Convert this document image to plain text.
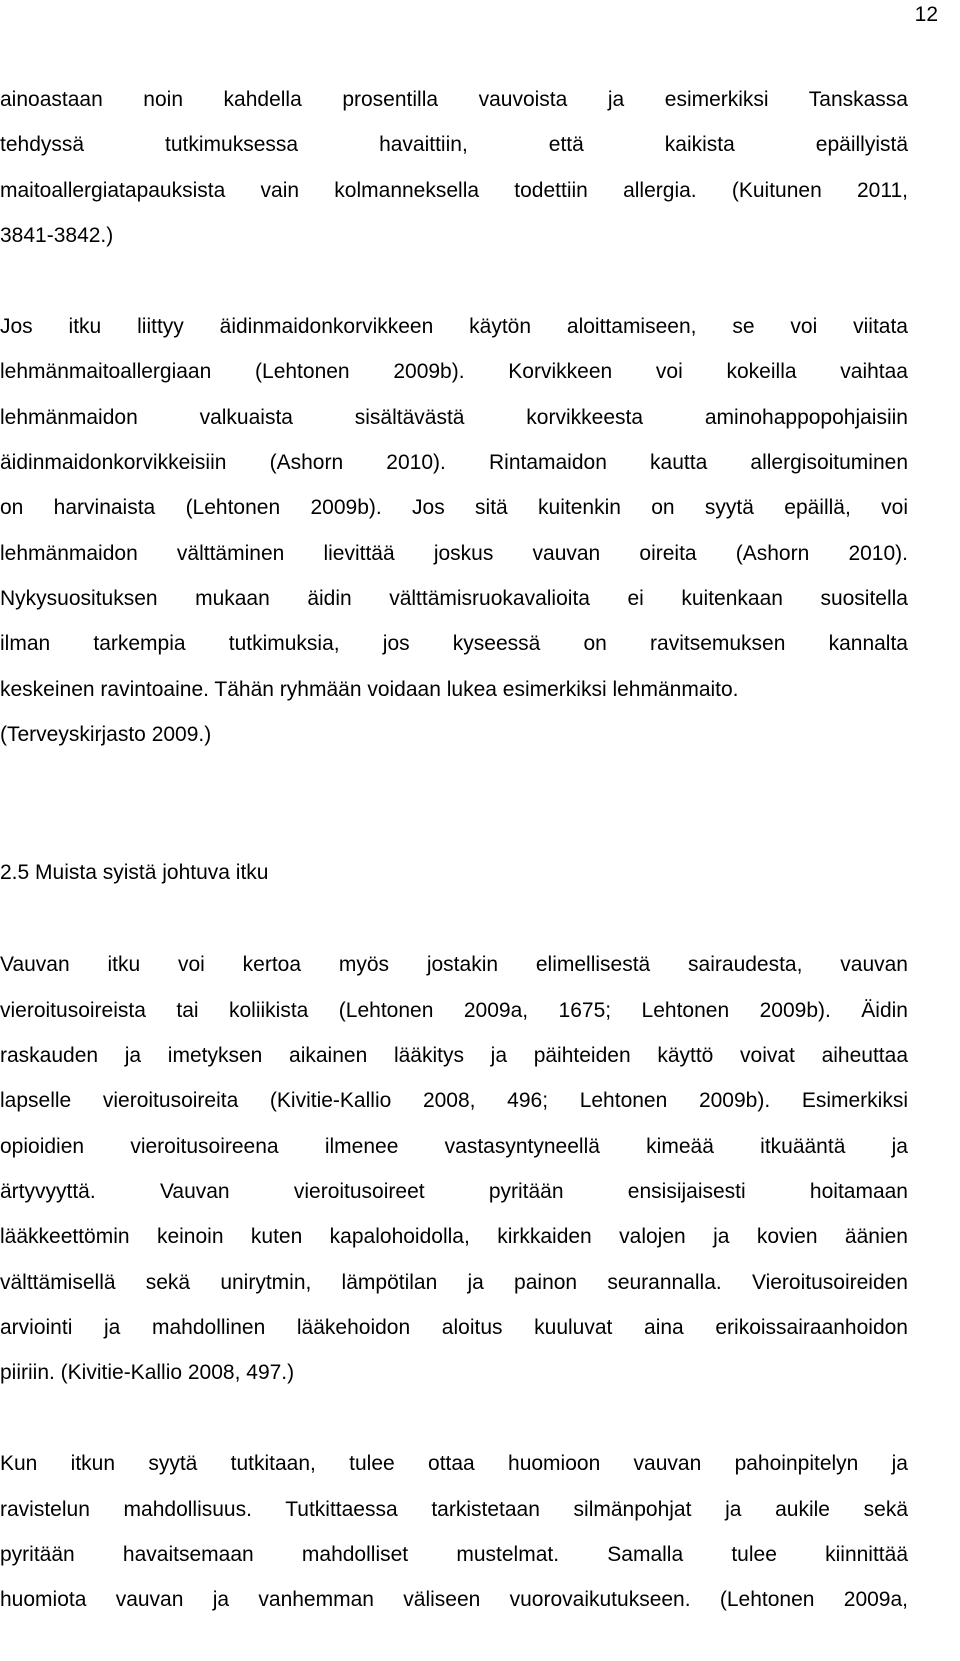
12
ainoastaan noin kahdella prosentilla vauvoista ja esimerkiksi Tanskassa
tehdyssä tutkimuksessa havaittiin, että kaikista epäillyistä
maitoallergiatapauksista vain kolmanneksella todettiin allergia. (Kuitunen 2011,
3841-3842.)
Jos itku liittyy äidinmaidonkorvikkeen käytön aloittamiseen, se voi viitata
lehmänmaitoallergiaan (Lehtonen 2009b). Korvikkeen voi kokeilla vaihtaa
lehmänmaidon valkuaista sisältävästä korvikkeesta aminohappopohjaisiin
äidinmaidonkorvikkeisiin (Ashorn 2010). Rintamaidon kautta allergisoituminen
on harvinaista (Lehtonen 2009b). Jos sitä kuitenkin on syytä epäillä, voi
lehmänmaidon välttäminen lievittää joskus vauvan oireita (Ashorn 2010).
Nykysuosituksen mukaan äidin välttämisruokavalioita ei kuitenkaan suositella
ilman tarkempia tutkimuksia, jos kyseessä on ravitsemuksen kannalta
keskeinen ravintoaine. Tähän ryhmään voidaan lukea esimerkiksi lehmänmaito.
(Terveyskirjasto 2009.)
2.5 Muista syistä johtuva itku
Vauvan itku voi kertoa myös jostakin elimellisestä sairaudesta, vauvan
vieroitusoireista tai koliikista (Lehtonen 2009a, 1675; Lehtonen 2009b). Äidin
raskauden ja imetyksen aikainen lääkitys ja päihteiden käyttö voivat aiheuttaa
lapselle vieroitusoireita (Kivitie-Kallio 2008, 496; Lehtonen 2009b). Esimerkiksi
opioidien vieroitusoireena ilmenee vastasyntyneellä kimeää itkuääntä ja
ärtyvyyttä. Vauvan vieroitusoireet pyritään ensisijaisesti hoitamaan
lääkkeettömin keinoin kuten kapalohoidolla, kirkkaiden valojen ja kovien äänien
välttämisellä sekä unirytmin, lämpötilan ja painon seurannalla. Vieroitusoireiden
arviointi ja mahdollinen lääkehoidon aloitus kuuluvat aina erikoissairaanhoidon
piiriin. (Kivitie-Kallio 2008, 497.)
Kun itkun syytä tutkitaan, tulee ottaa huomioon vauvan pahoinpitelyn ja
ravistelun mahdollisuus. Tutkittaessa tarkistetaan silmänpohjat ja aukile sekä
pyritään havaitsemaan mahdolliset mustelmat. Samalla tulee kiinnittää
huomiota vauvan ja vanhemman väliseen vuorovaikutukseen. (Lehtonen 2009a,
